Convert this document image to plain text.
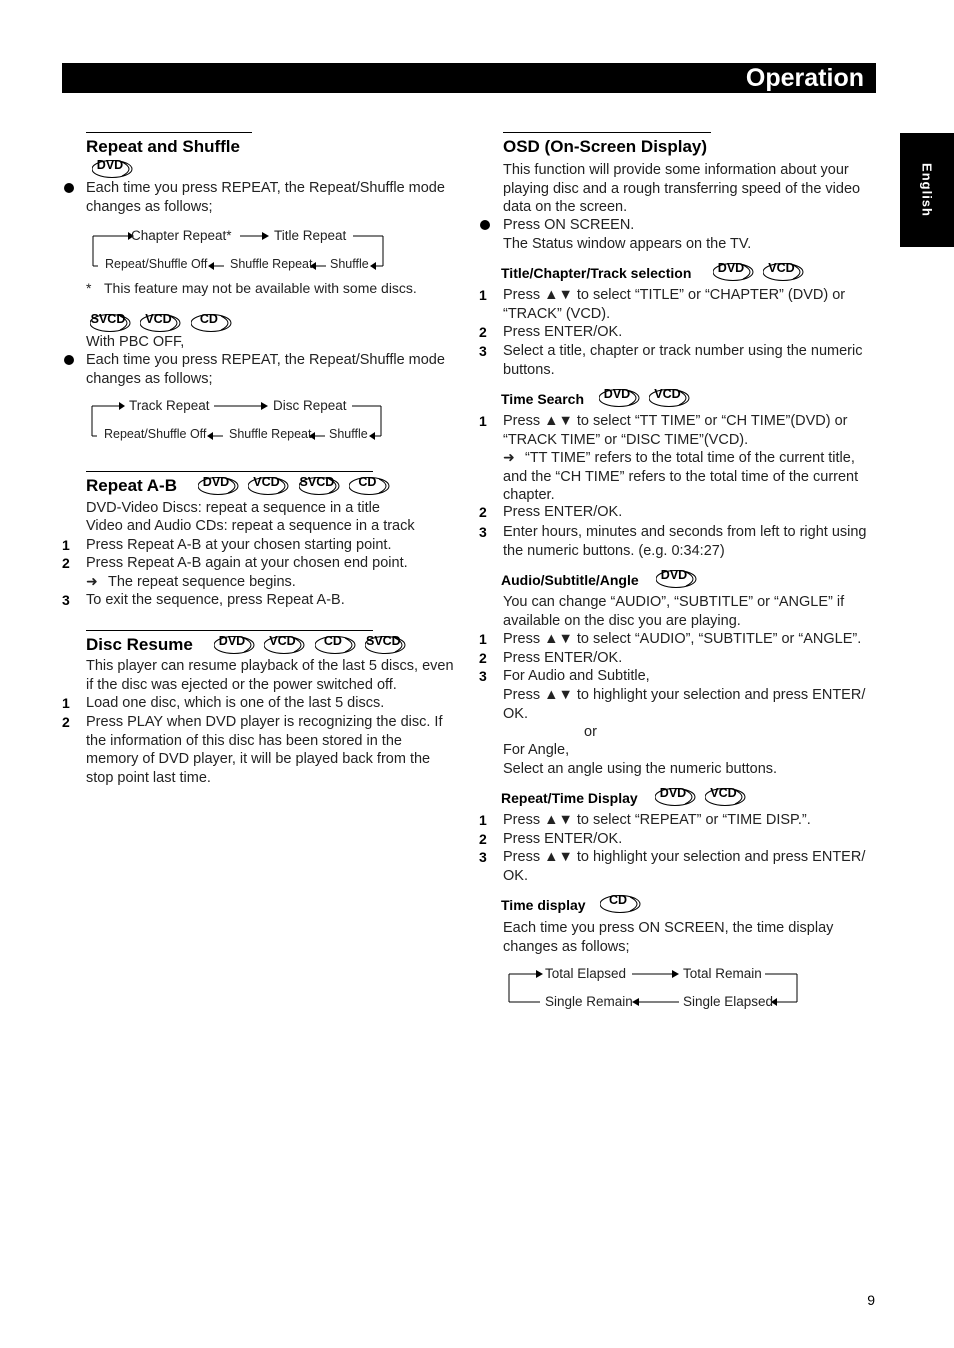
Operation
English
Repeat and Shuffle
DVD
Each time you press REPEAT, the Repeat/Shuffle mode changes as follows;
Chapter Repeat*	Title Repeat
Repeat/Shuffle Off Shuffle Repeat Shuffle
* This feature may not be available with some discs.
SVCD
	VCD
	CD
With PBC OFF,
Each time you press REPEAT, the Repeat/Shuffle mode changes as follows;
Track Repeat	Disc Repeat
Repeat/Shuffle Off Shuffle Repeat Shuffle
Repeat A-B	DVD
	VCD
	SVCD
	CD
DVD-Video Discs: repeat a sequence in a title
Video and Audio CDs: repeat a sequence in a track
1 Press Repeat A-B at your chosen starting point.
2 Press Repeat A-B again at your chosen end point.
➜ The repeat sequence begins.
3 To exit the sequence, press Repeat A-B.
Disc Resume	DVD
	VCD
	CD
	SVCD
This player can resume playback of the last 5 discs, even if the disc was ejected or the power switched off.
1 Load one disc, which is one of the last 5 discs.
2 Press PLAY when DVD player is recognizing the disc. If the information of this disc has been stored in the memory of DVD player, it will be played back from the stop point last time.
OSD (On-Screen Display)
This function will provide some information about your playing disc and a rough transferring speed of the video data on the screen.
Press ON SCREEN.
The Status window appears on the TV.
Title/Chapter/Track selection	DVD
	VCD
1 Press ▲▼ to select “TITLE” or “CHAPTER” (DVD) or “TRACK” (VCD).
2 Press ENTER/OK.
3 Select a title, chapter or track number using the numeric buttons.
Time Search	DVD
	VCD
1 Press ▲▼ to select “TT TIME” or “CH TIME”(DVD) or “TRACK TIME” or “DISC TIME”(VCD).
➜ “TT TIME” refers to the total time of the current title, and the “CH TIME” refers to the total time of the current chapter.
2 Press ENTER/OK.
3 Enter hours, minutes and seconds from left to right using the numeric buttons. (e.g. 0:34:27)
Audio/Subtitle/Angle	DVD
You can change “AUDIO”, “SUBTITLE” or “ANGLE” if available on the disc you are playing.
1 Press ▲▼ to select “AUDIO”, “SUBTITLE” or “ANGLE”.
2 Press ENTER/OK.
3 For Audio and Subtitle,
Press ▲▼ to highlight your selection and press ENTER/ OK.
or
For Angle,
Select an angle using the numeric buttons.
Repeat/Time Display	DVD
	VCD
1 Press ▲▼ to select “REPEAT” or “TIME DISP.”.
2 Press ENTER/OK.
3 Press ▲▼ to highlight your selection and press ENTER/ OK.
Time display	CD
Each time you press ON SCREEN, the time display changes as follows;
Total Elapsed	Total Remain
Single Remain	Single Elapsed
9
